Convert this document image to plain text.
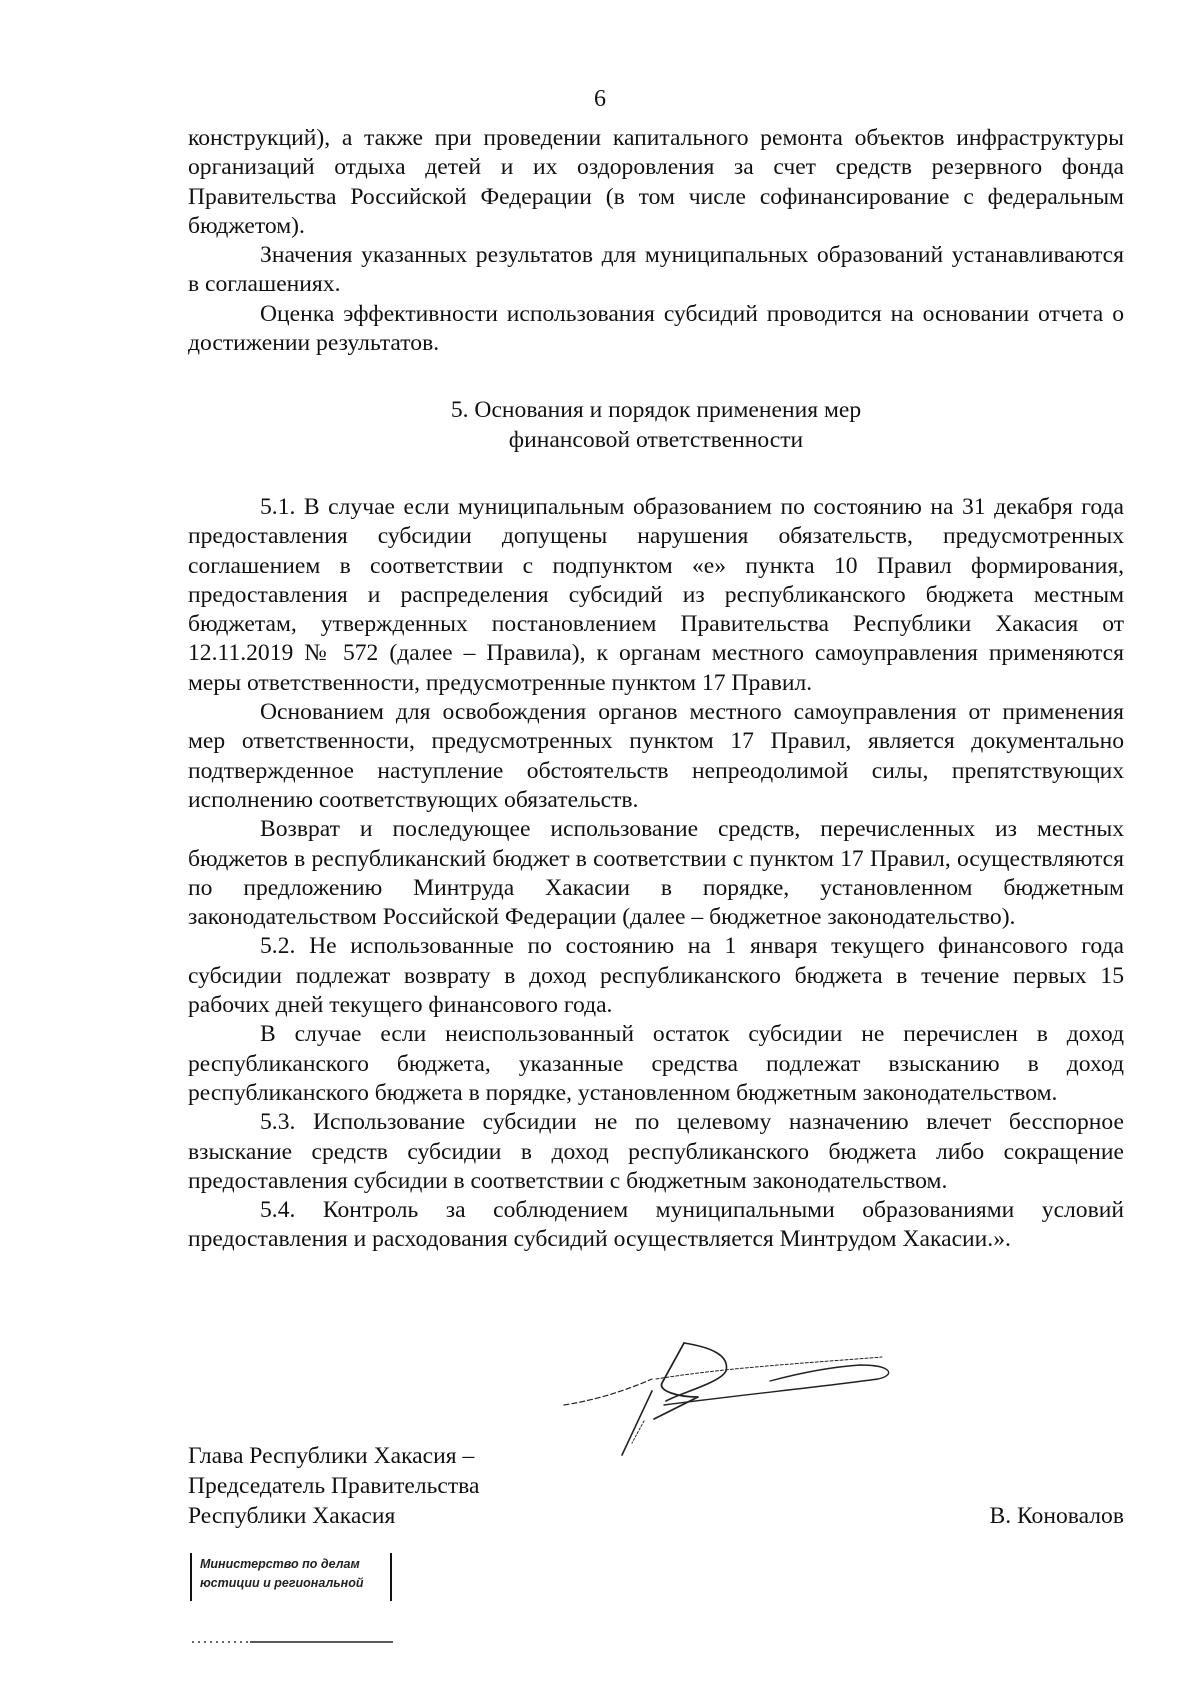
6

конструкций), а также при проведении капитального ремонта объектов инфраструктуры организаций отдыха детей и их оздоровления за счет средств резервного фонда Правительства Российской Федерации (в том числе софинансирование с федеральным бюджетом).

Значения указанных результатов для муниципальных образований устанавливаются в соглашениях.

Оценка эффективности использования субсидий проводится на основании отчета о достижении результатов.

5. Основания и порядок применения мер
финансовой ответственности

5.1. В случае если муниципальным образованием по состоянию на 31 декабря года предоставления субсидии допущены нарушения обязательств, предусмотренных соглашением в соответствии с подпунктом «е» пункта 10 Правил формирования, предоставления и распределения субсидий из республиканского бюджета местным бюджетам, утвержденных постановлением Правительства Республики Хакасия от 12.11.2019 № 572 (далее – Правила), к органам местного самоуправления применяются меры ответственности, предусмотренные пунктом 17 Правил.

Основанием для освобождения органов местного самоуправления от применения мер ответственности, предусмотренных пунктом 17 Правил, является документально подтвержденное наступление обстоятельств непреодолимой силы, препятствующих исполнению соответствующих обязательств.

Возврат и последующее использование средств, перечисленных из местных бюджетов в республиканский бюджет в соответствии с пунктом 17 Правил, осуществляются по предложению Минтруда Хакасии в порядке, установленном бюджетным законодательством Российской Федерации (далее – бюджетное законодательство).

5.2. Не использованные по состоянию на 1 января текущего финансового года субсидии подлежат возврату в доход республиканского бюджета в течение первых 15 рабочих дней текущего финансового года.

В случае если неиспользованный остаток субсидии не перечислен в доход республиканского бюджета, указанные средства подлежат взысканию в доход республиканского бюджета в порядке, установленном бюджетным законодательством.

5.3. Использование субсидии не по целевому назначению влечет бесспорное взыскание средств субсидии в доход республиканского бюджета либо сокращение предоставления субсидии в соответствии с бюджетным законодательством.

5.4. Контроль за соблюдением муниципальными образованиями условий предоставления и расходования субсидий осуществляется Минтрудом Хакасии.».

Глава Республики Хакасия –
Председатель Правительства
Республики Хакасия	В. Коновалов
Министерство по делам
юстиции и региональной
